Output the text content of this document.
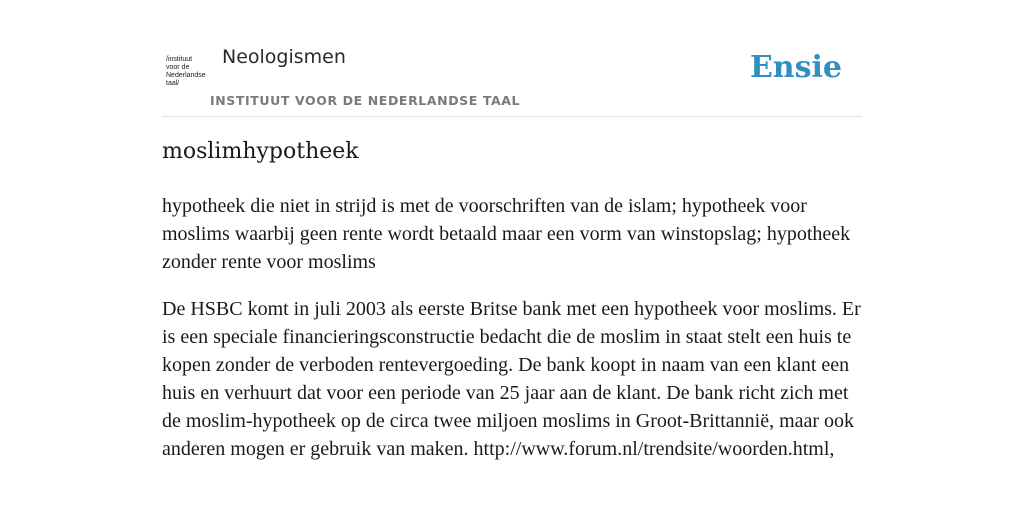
/instituut
voor de
Nederlandse
taal/
Neologismen
INSTITUUT VOOR DE NEDERLANDSE TAAL
Ensie
moslimhypotheek
hypotheek die niet in strijd is met de voorschriften van de islam; hypotheek voor moslims waarbij geen rente wordt betaald maar een vorm van winstopslag; hypotheek zonder rente voor moslims
De HSBC komt in juli 2003 als eerste Britse bank met een hypotheek voor moslims. Er is een speciale financieringsconstructie bedacht die de moslim in staat stelt een huis te kopen zonder de verboden rentevergoeding. De bank koopt in naam van een klant een huis en verhuurt dat voor een periode van 25 jaar aan de klant. De bank richt zich met de moslim-hypotheek op de circa twee miljoen moslims in Groot-Brittannië, maar ook anderen mogen er gebruik van maken. http://www.forum.nl/trendsite/woorden.html,
